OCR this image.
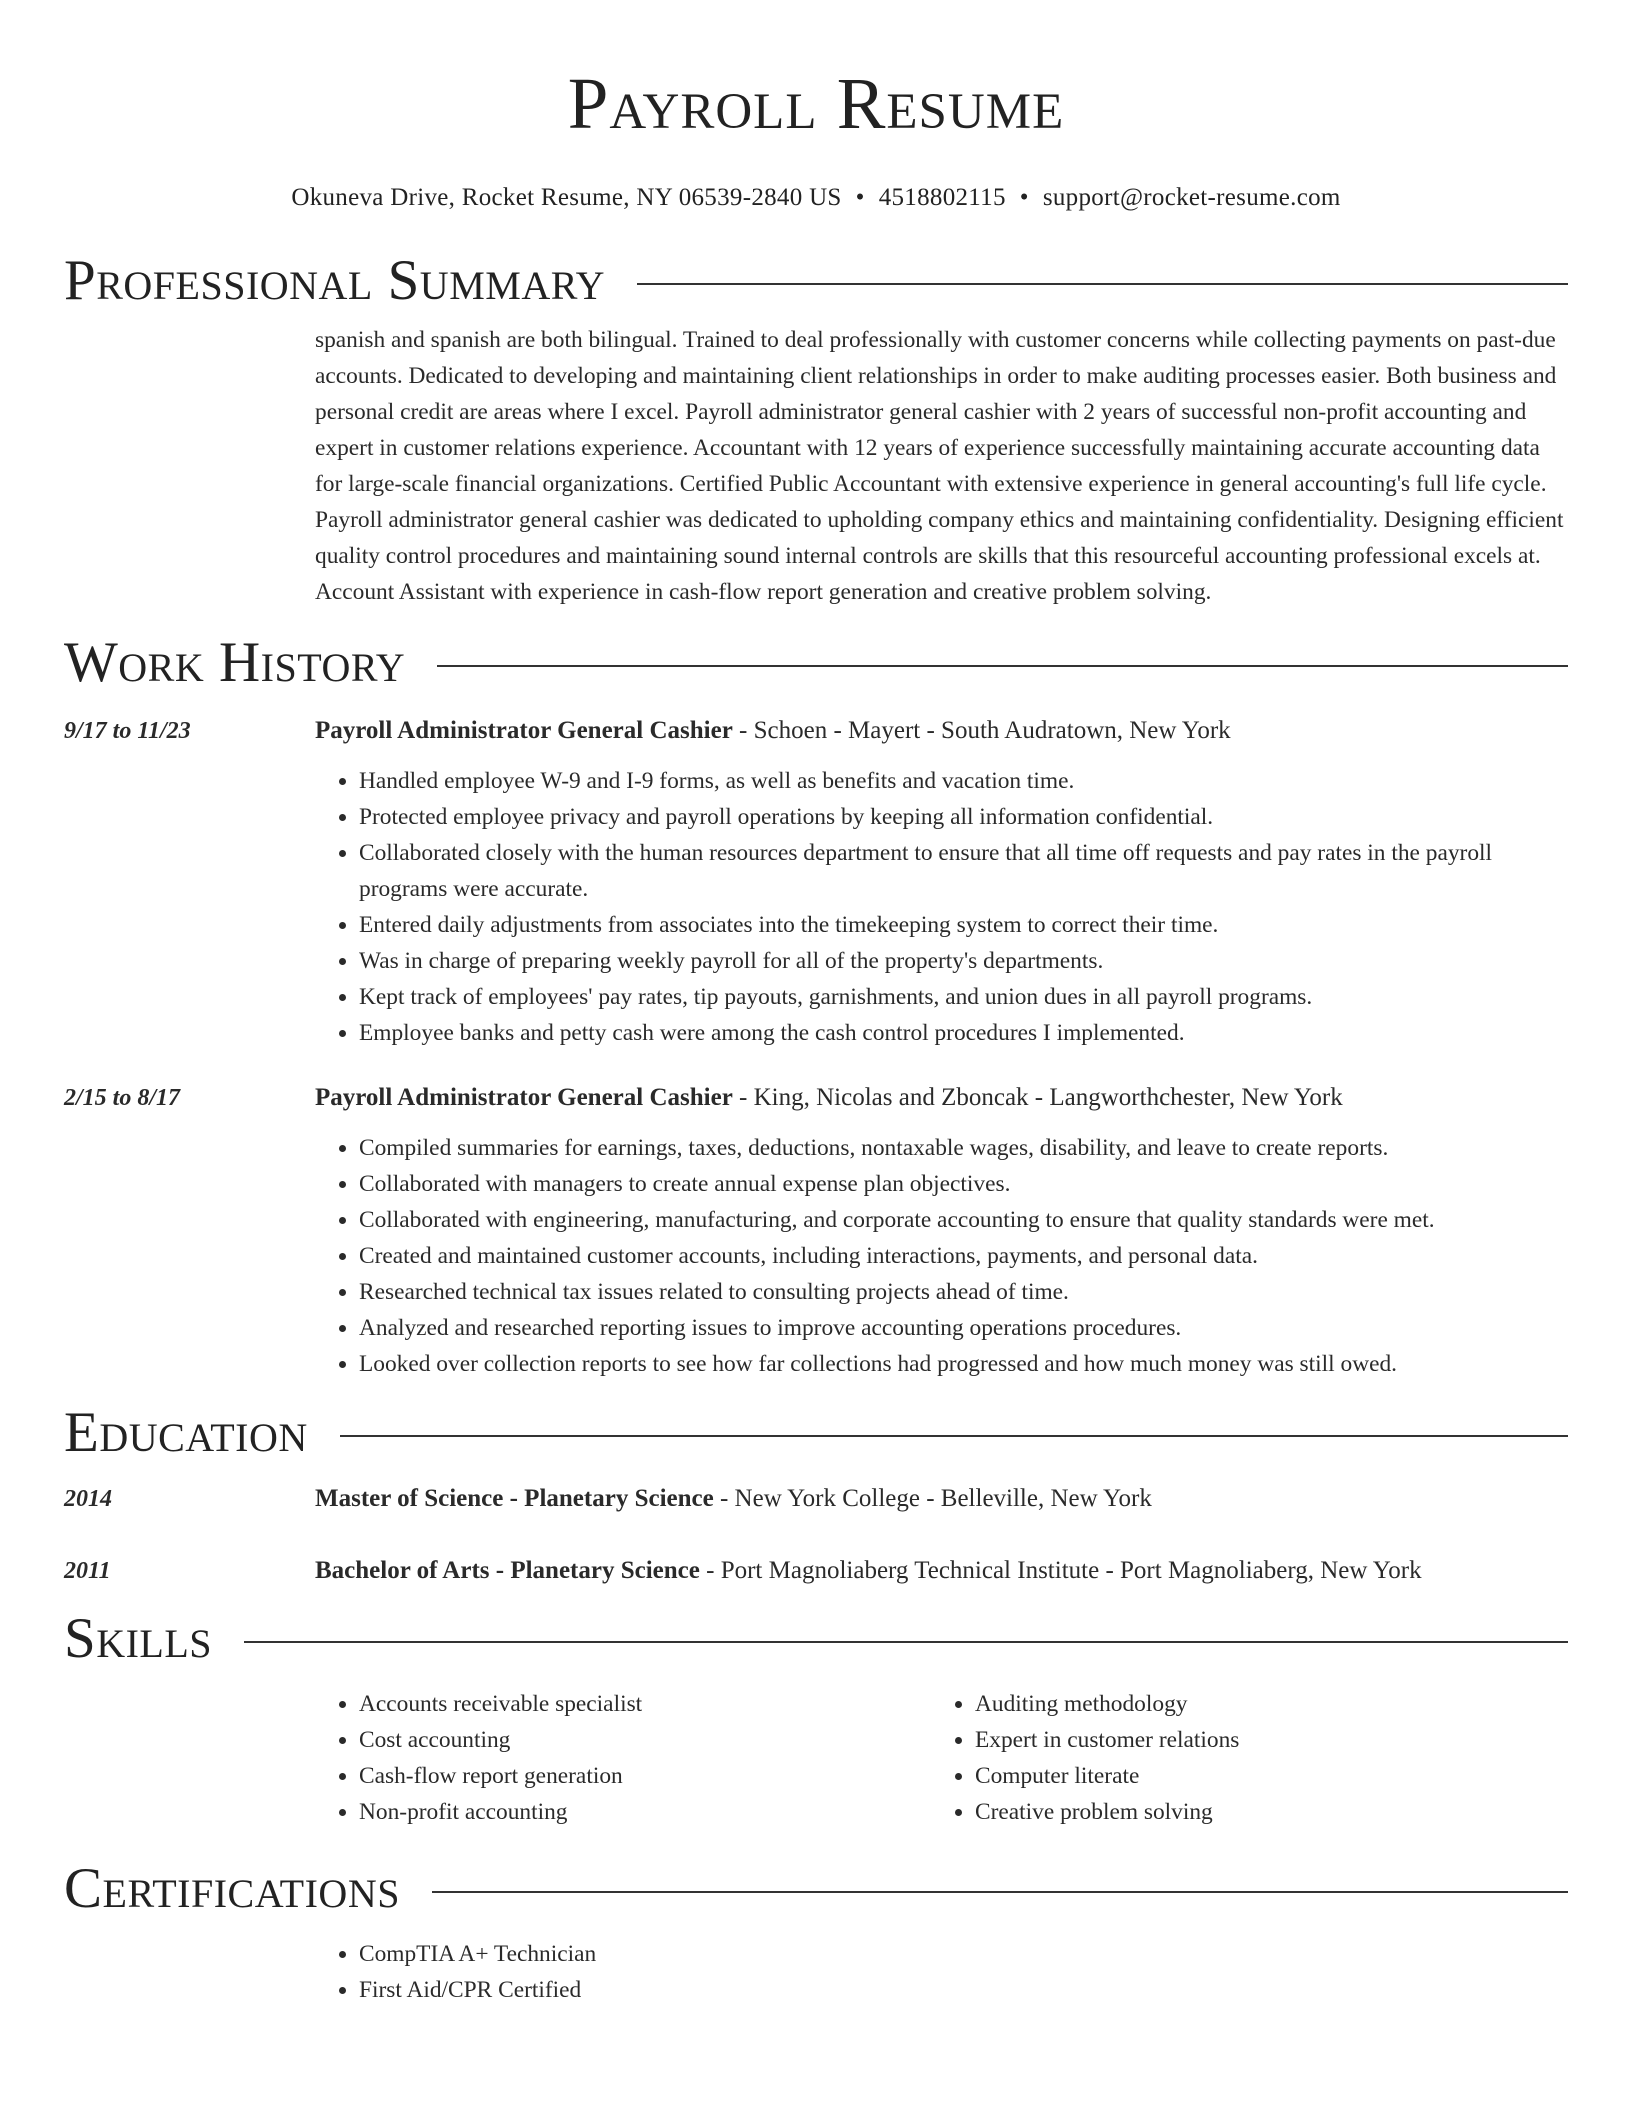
Payroll Resume
Okuneva Drive, Rocket Resume, NY 06539-2840 US • 4518802115 • support@rocket-resume.com
Professional Summary
spanish and spanish are both bilingual. Trained to deal professionally with customer concerns while collecting payments on past-due accounts. Dedicated to developing and maintaining client relationships in order to make auditing processes easier. Both business and personal credit are areas where I excel. Payroll administrator general cashier with 2 years of successful non-profit accounting and expert in customer relations experience. Accountant with 12 years of experience successfully maintaining accurate accounting data for large-scale financial organizations. Certified Public Accountant with extensive experience in general accounting's full life cycle. Payroll administrator general cashier was dedicated to upholding company ethics and maintaining confidentiality. Designing efficient quality control procedures and maintaining sound internal controls are skills that this resourceful accounting professional excels at. Account Assistant with experience in cash-flow report generation and creative problem solving.
Work History
9/17 to 11/23	Payroll Administrator General Cashier - Schoen - Mayert - South Audratown, New York
• Handled employee W-9 and I-9 forms, as well as benefits and vacation time.
• Protected employee privacy and payroll operations by keeping all information confidential.
• Collaborated closely with the human resources department to ensure that all time off requests and pay rates in the payroll programs were accurate.
• Entered daily adjustments from associates into the timekeeping system to correct their time.
• Was in charge of preparing weekly payroll for all of the property's departments.
• Kept track of employees' pay rates, tip payouts, garnishments, and union dues in all payroll programs.
• Employee banks and petty cash were among the cash control procedures I implemented.
2/15 to 8/17	Payroll Administrator General Cashier - King, Nicolas and Zboncak - Langworthchester, New York
• Compiled summaries for earnings, taxes, deductions, nontaxable wages, disability, and leave to create reports.
• Collaborated with managers to create annual expense plan objectives.
• Collaborated with engineering, manufacturing, and corporate accounting to ensure that quality standards were met.
• Created and maintained customer accounts, including interactions, payments, and personal data.
• Researched technical tax issues related to consulting projects ahead of time.
• Analyzed and researched reporting issues to improve accounting operations procedures.
• Looked over collection reports to see how far collections had progressed and how much money was still owed.
Education
2014	Master of Science - Planetary Science - New York College - Belleville, New York
2011	Bachelor of Arts - Planetary Science - Port Magnoliaberg Technical Institute - Port Magnoliaberg, New York
Skills
• Accounts receivable specialist
• Cost accounting
• Cash-flow report generation
• Non-profit accounting
• Auditing methodology
• Expert in customer relations
• Computer literate
• Creative problem solving
Certifications
• CompTIA A+ Technician
• First Aid/CPR Certified
